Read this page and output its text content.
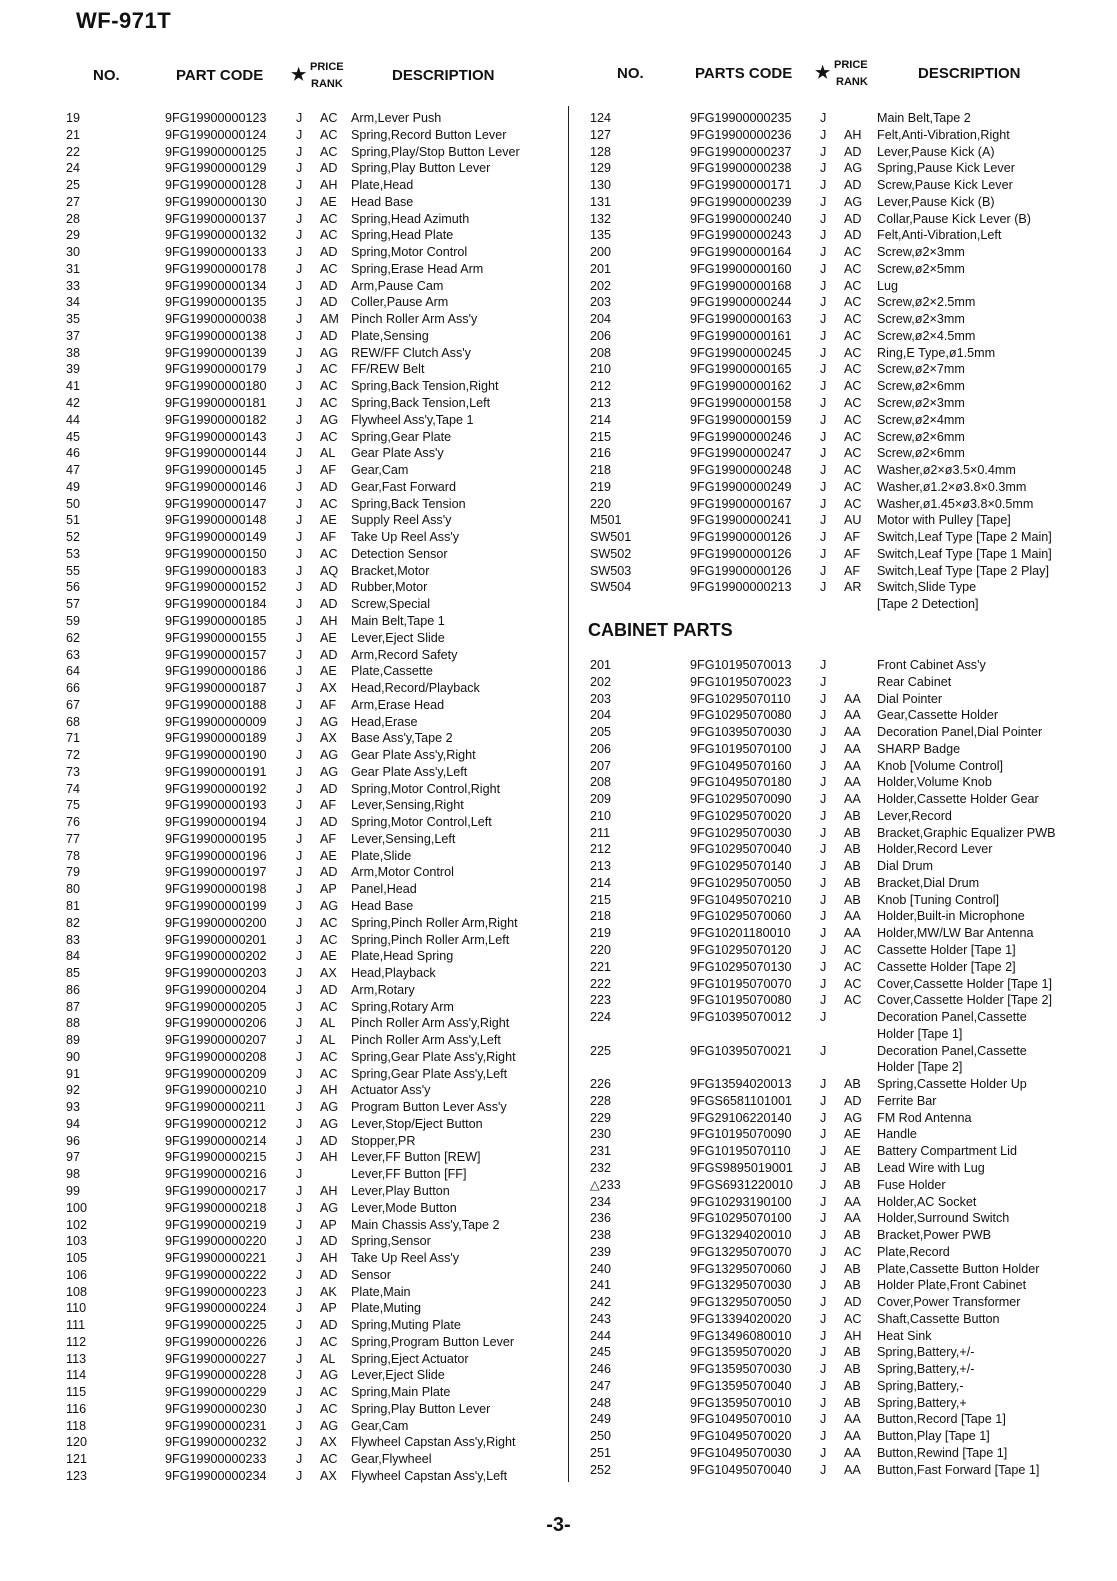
WF-971T
NO.	PART CODE ★ PRICE
RANK	DESCRIPTION	NO.	PARTS CODE ★ PRICE
RANK	DESCRIPTION
19	9FG19900000123 J AC Arm,Lever Push
21	9FG19900000124 J AC Spring,Record Button Lever
22	9FG19900000125 J AC Spring,Play/Stop Button Lever
24	9FG19900000129 J AD Spring,Play Button Lever
25	9FG19900000128 J AH Plate,Head
27	9FG19900000130 J AE Head Base
28	9FG19900000137 J AC Spring,Head Azimuth
29	9FG19900000132 J AC Spring,Head Plate
30	9FG19900000133 J AD Spring,Motor Control
31	9FG19900000178 J AC Spring,Erase Head Arm
33	9FG19900000134 J AD Arm,Pause Cam
34	9FG19900000135 J AD Coller,Pause Arm
35	9FG19900000038 J AM Pinch Roller Arm Ass'y
37	9FG19900000138 J AD Plate,Sensing
38	9FG19900000139 J AG REW/FF Clutch Ass'y
39	9FG19900000179 J AC FF/REW Belt
41	9FG19900000180 J AC Spring,Back Tension,Right
42	9FG19900000181 J AC Spring,Back Tension,Left
44	9FG19900000182 J AG Flywheel Ass'y,Tape 1
45	9FG19900000143 J AC Spring,Gear Plate
46	9FG19900000144 J AL Gear Plate Ass'y
47	9FG19900000145 J AF Gear,Cam
49	9FG19900000146 J AD Gear,Fast Forward
50	9FG19900000147 J AC Spring,Back Tension
51	9FG19900000148 J AE Supply Reel Ass'y
52	9FG19900000149 J AF Take Up Reel Ass'y
53	9FG19900000150 J AC Detection Sensor
55	9FG19900000183 J AQ Bracket,Motor
56	9FG19900000152 J AD Rubber,Motor
57	9FG19900000184 J AD Screw,Special
59	9FG19900000185 J AH Main Belt,Tape 1
62	9FG19900000155 J AE Lever,Eject Slide
63	9FG19900000157 J AD Arm,Record Safety
64	9FG19900000186 J AE Plate,Cassette
66	9FG19900000187 J AX Head,Record/Playback
67	9FG19900000188 J AF Arm,Erase Head
68	9FG19900000009 J AG Head,Erase
71	9FG19900000189 J AX Base Ass'y,Tape 2
72	9FG19900000190 J AG Gear Plate Ass'y,Right
73	9FG19900000191 J AG Gear Plate Ass'y,Left
74	9FG19900000192 J AD Spring,Motor Control,Right
75	9FG19900000193 J AF Lever,Sensing,Right
76	9FG19900000194 J AD Spring,Motor Control,Left
77	9FG19900000195 J AF Lever,Sensing,Left
78	9FG19900000196 J AE Plate,Slide
79	9FG19900000197 J AD Arm,Motor Control
80	9FG19900000198 J AP Panel,Head
81	9FG19900000199 J AG Head Base
82	9FG19900000200 J AC Spring,Pinch Roller Arm,Right
83	9FG19900000201 J AC Spring,Pinch Roller Arm,Left
84	9FG19900000202 J AE Plate,Head Spring
85	9FG19900000203 J AX Head,Playback
86	9FG19900000204 J AD Arm,Rotary
87	9FG19900000205 J AC Spring,Rotary Arm
88	9FG19900000206 J AL Pinch Roller Arm Ass'y,Right
89	9FG19900000207 J AL Pinch Roller Arm Ass'y,Left
90	9FG19900000208 J AC Spring,Gear Plate Ass'y,Right
91	9FG19900000209 J AC Spring,Gear Plate Ass'y,Left
92	9FG19900000210 J AH Actuator Ass'y
93	9FG19900000211 J AG Program Button Lever Ass'y
94	9FG19900000212 J AG Lever,Stop/Eject Button
96	9FG19900000214 J AD Stopper,PR
97	9FG19900000215 J AH Lever,FF Button [REW]
98	9FG19900000216 J	Lever,FF Button [FF]
99	9FG19900000217 J AH Lever,Play Button
100	9FG19900000218 J AG Lever,Mode Button
102	9FG19900000219 J AP Main Chassis Ass'y,Tape 2
103	9FG19900000220 J AD Spring,Sensor
105	9FG19900000221 J AH Take Up Reel Ass'y
106	9FG19900000222 J AD Sensor
108	9FG19900000223 J AK Plate,Main
110	9FG19900000224 J AP Plate,Muting
111	9FG19900000225 J AD Spring,Muting Plate
112	9FG19900000226 J AC Spring,Program Button Lever
113	9FG19900000227 J AL Spring,Eject Actuator
114	9FG19900000228 J AG Lever,Eject Slide
115	9FG19900000229 J AC Spring,Main Plate
116	9FG19900000230 J AC Spring,Play Button Lever
118	9FG19900000231 J AG Gear,Cam
120	9FG19900000232 J AX Flywheel Capstan Ass'y,Right
121	9FG19900000233 J AC Gear,Flywheel
123	9FG19900000234 J AX Flywheel Capstan Ass'y,Left
124	9FG19900000235 J	Main Belt,Tape 2
127	9FG19900000236 J AH Felt,Anti-Vibration,Right
128	9FG19900000237 J AD Lever,Pause Kick (A)
129	9FG19900000238 J AG Spring,Pause Kick Lever
130	9FG19900000171 J AD Screw,Pause Kick Lever
131	9FG19900000239 J AG Lever,Pause Kick (B)
132	9FG19900000240 J AD Collar,Pause Kick Lever (B)
135	9FG19900000243 J AD Felt,Anti-Vibration,Left
200	9FG19900000164 J AC Screw,ø2×3mm
201	9FG19900000160 J AC Screw,ø2×5mm
202	9FG19900000168 J AC Lug
203	9FG19900000244 J AC Screw,ø2×2.5mm
204	9FG19900000163 J AC Screw,ø2×3mm
206	9FG19900000161 J AC Screw,ø2×4.5mm
208	9FG19900000245 J AC Ring,E Type,ø1.5mm
210	9FG19900000165 J AC Screw,ø2×7mm
212	9FG19900000162 J AC Screw,ø2×6mm
213	9FG19900000158 J AC Screw,ø2×3mm
214	9FG19900000159 J AC Screw,ø2×4mm
215	9FG19900000246 J AC Screw,ø2×6mm
216	9FG19900000247 J AC Screw,ø2×6mm
218	9FG19900000248 J AC Washer,ø2×ø3.5×0.4mm
219	9FG19900000249 J AC Washer,ø1.2×ø3.8×0.3mm
220	9FG19900000167 J AC Washer,ø1.45×ø3.8×0.5mm
M501	9FG19900000241 J AU Motor with Pulley [Tape]
SW501	9FG19900000126 J AF Switch,Leaf Type [Tape 2 Main]
SW502	9FG19900000126 J AF Switch,Leaf Type [Tape 1 Main]
SW503	9FG19900000126 J AF Switch,Leaf Type [Tape 2 Play]
SW504	9FG19900000213 J AR Switch,Slide Type
[Tape 2 Detection]
CABINET PARTS
201	9FG10195070013 J	Front Cabinet Ass'y
202	9FG10195070023 J	Rear Cabinet
203	9FG10295070110 J AA Dial Pointer
204	9FG10295070080 J AA Gear,Cassette Holder
205	9FG10395070030 J AA Decoration Panel,Dial Pointer
206	9FG10195070100 J AA SHARP Badge
207	9FG10495070160 J AA Knob [Volume Control]
208	9FG10495070180 J AA Holder,Volume Knob
209	9FG10295070090 J AA Holder,Cassette Holder Gear
210	9FG10295070020 J AB Lever,Record
211	9FG10295070030 J AB Bracket,Graphic Equalizer PWB
212	9FG10295070040 J AB Holder,Record Lever
213	9FG10295070140 J AB Dial Drum
214	9FG10295070050 J AB Bracket,Dial Drum
215	9FG10495070210 J AB Knob [Tuning Control]
218	9FG10295070060 J AA Holder,Built-in Microphone
219	9FG10201180010 J AA Holder,MW/LW Bar Antenna
220	9FG10295070120 J AC Cassette Holder [Tape 1]
221	9FG10295070130 J AC Cassette Holder [Tape 2]
222	9FG10195070070 J AC Cover,Cassette Holder [Tape 1]
223	9FG10195070080 J AC Cover,Cassette Holder [Tape 2]
224	9FG10395070012 J	Decoration Panel,Cassette
Holder [Tape 1]
225	9FG10395070021 J	Decoration Panel,Cassette
Holder [Tape 2]
226	9FG13594020013 J AB Spring,Cassette Holder Up
228	9FGS6581101001 J AD Ferrite Bar
229	9FG29106220140 J AG FM Rod Antenna
230	9FG10195070090 J AE Handle
231	9FG10195070110 J AE Battery Compartment Lid
232	9FGS9895019001 J AB Lead Wire with Lug
△233	9FGS6931220010 J AB Fuse Holder
234	9FG10293190100 J AA Holder,AC Socket
236	9FG10295070100 J AA Holder,Surround Switch
238	9FG13294020010 J AB Bracket,Power PWB
239	9FG13295070070 J AC Plate,Record
240	9FG13295070060 J AB Plate,Cassette Button Holder
241	9FG13295070030 J AB Holder Plate,Front Cabinet
242	9FG13295070050 J AD Cover,Power Transformer
243	9FG13394020020 J AC Shaft,Cassette Button
244	9FG13496080010 J AH Heat Sink
245	9FG13595070020 J AB Spring,Battery,+/-
246	9FG13595070030 J AB Spring,Battery,+/-
247	9FG13595070040 J AB Spring,Battery,-
248	9FG13595070010 J AB Spring,Battery,+
249	9FG10495070010 J AA Button,Record [Tape 1]
250	9FG10495070020 J AA Button,Play [Tape 1]
251	9FG10495070030 J AA Button,Rewind [Tape 1]
252	9FG10495070040 J AA Button,Fast Forward [Tape 1]
-3-
